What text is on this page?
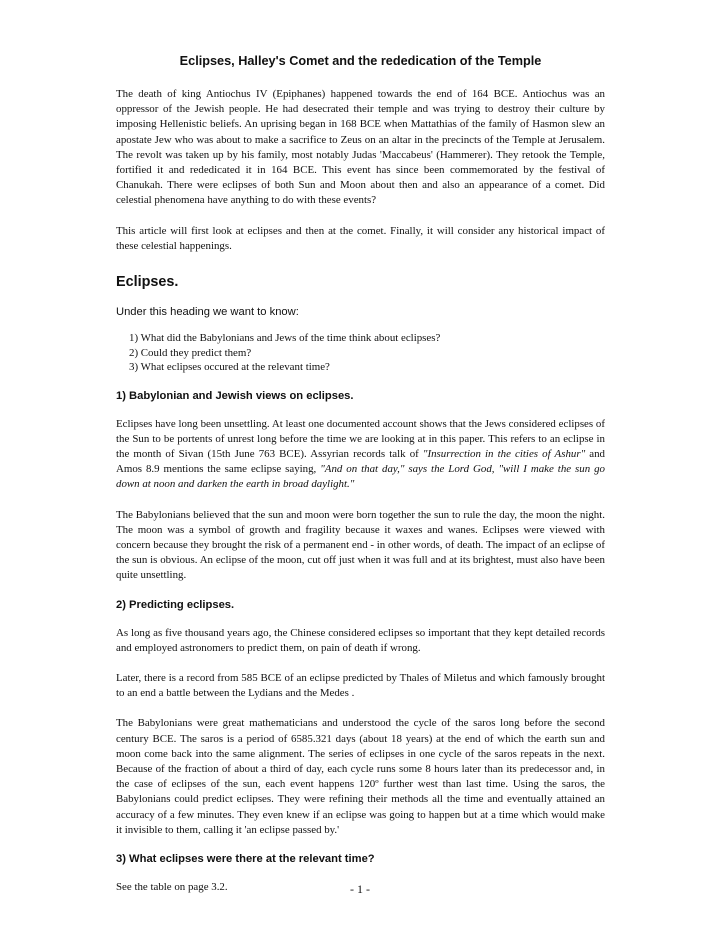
Eclipses, Halley's Comet and the rededication of the Temple

The death of king Antiochus IV (Epiphanes) happened towards the end of 164 BCE. Antiochus was an oppressor of the Jewish people. He had desecrated their temple and was trying to destroy their culture by imposing Hellenistic beliefs. An uprising began in 168 BCE when Mattathias of the family of Hasmon slew an apostate Jew who was about to make a sacrifice to Zeus on an altar in the precincts of the Temple at Jerusalem. The revolt was taken up by his family, most notably Judas 'Maccabeus' (Hammerer). They retook the Temple, fortified it and rededicated it in 164 BCE. This event has since been commemorated by the festival of Chanukah. There were eclipses of both Sun and Moon about then and also an appearance of a comet. Did celestial phenomena have anything to do with these events?

This article will first look at eclipses and then at the comet. Finally, it will consider any historical impact of these celestial happenings.

Eclipses.

Under this heading we want to know:

1) What did the Babylonians and Jews of the time think about eclipses?
2) Could they predict them?
3) What eclipses occured at the relevant time?
1) Babylonian and Jewish views on eclipses.

Eclipses have long been unsettling. At least one documented account shows that the Jews considered eclipses of the Sun to be portents of unrest long before the time we are looking at in this paper. This refers to an eclipse in the month of Sivan (15th June 763 BCE). Assyrian records talk of "Insurrection in the cities of Ashur" and Amos 8.9 mentions the same eclipse saying, "And on that day," says the Lord God, "will I make the sun go down at noon and darken the earth in broad daylight."

The Babylonians believed that the sun and moon were born together the sun to rule the day, the moon the night. The moon was a symbol of growth and fragility because it waxes and wanes. Eclipses were viewed with concern because they brought the risk of a permanent end - in other words, of death. The impact of an eclipse of the sun is obvious. An eclipse of the moon, cut off just when it was full and at its brightest, must also have been quite unsettling.

2) Predicting eclipses.

As long as five thousand years ago, the Chinese considered eclipses so important that they kept detailed records and employed astronomers to predict them, on pain of death if wrong.

Later, there is a record from 585 BCE of an eclipse predicted by Thales of Miletus and which famously brought to an end a battle between the Lydians and the Medes .

The Babylonians were great mathematicians and understood the cycle of the saros long before the second century BCE. The saros is a period of 6585.321 days (about 18 years) at the end of which the earth sun and moon come back into the same alignment. The series of eclipses in one cycle of the saros repeats in the next. Because of the fraction of about a third of day, each cycle runs some 8 hours later than its predecessor and, in the case of eclipses of the sun, each event happens 120º further west than last time. Using the saros, the Babylonians could predict eclipses. They were refining their methods all the time and eventually attained an accuracy of a few minutes. They even knew if an eclipse was going to happen but at a time which would make it invisible to them, calling it 'an eclipse passed by.'

3) What eclipses were there at the relevant time?

See the table on page 3.2.	- 1 -
